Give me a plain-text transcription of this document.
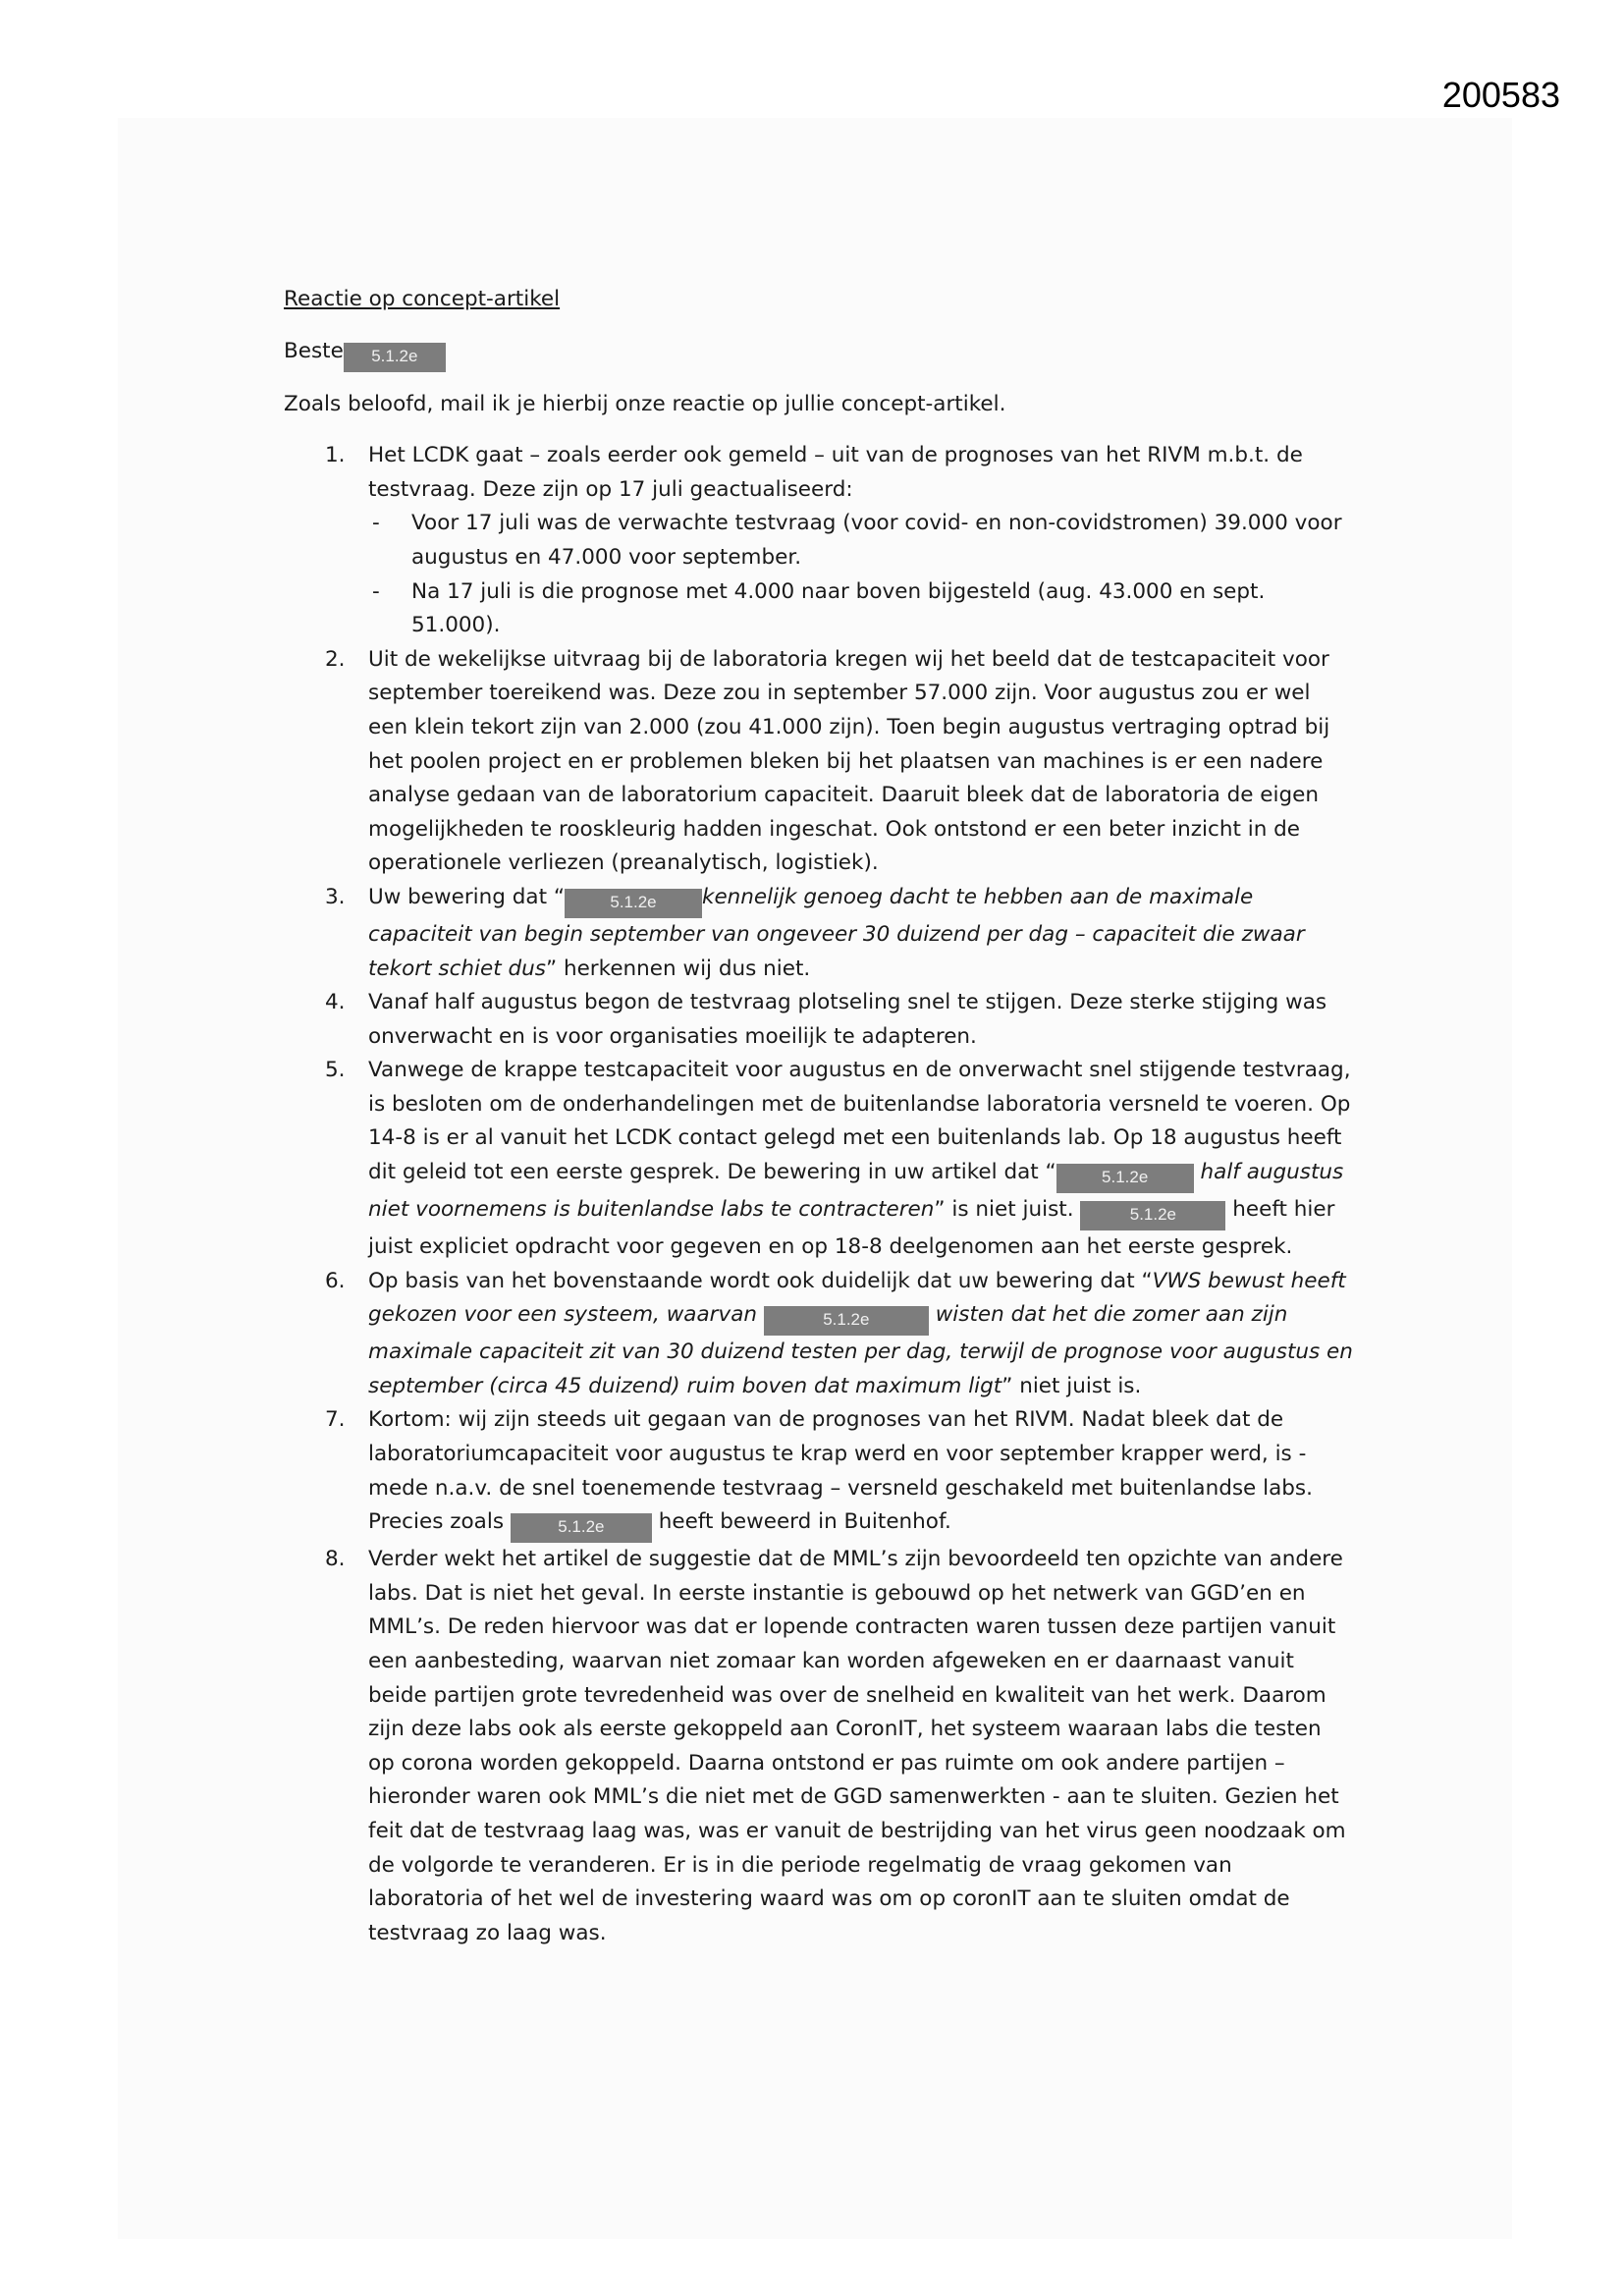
200583

Reactie op concept-artikel

Beste 5.1.2e

Zoals beloofd, mail ik je hierbij onze reactie op jullie concept-artikel.

1. Het LCDK gaat – zoals eerder ook gemeld – uit van de prognoses van het RIVM m.b.t. de testvraag. Deze zijn op 17 juli geactualiseerd:
- Voor 17 juli was de verwachte testvraag (voor covid- en non-covidstromen) 39.000 voor augustus en 47.000 voor september.
- Na 17 juli is die prognose met 4.000 naar boven bijgesteld (aug. 43.000 en sept. 51.000).
2. Uit de wekelijkse uitvraag bij de laboratoria kregen wij het beeld dat de testcapaciteit voor september toereikend was. Deze zou in september 57.000 zijn. Voor augustus zou er wel een klein tekort zijn van 2.000 (zou 41.000 zijn). Toen begin augustus vertraging optrad bij het poolen project en er problemen bleken bij het plaatsen van machines is er een nadere analyse gedaan van de laboratorium capaciteit. Daaruit bleek dat de laboratoria de eigen mogelijkheden te rooskleurig hadden ingeschat. Ook ontstond er een beter inzicht in de operationele verliezen (preanalytisch, logistiek).
3. Uw bewering dat “	5.1.2e kennelijk genoeg dacht te hebben aan de maximale capaciteit van begin september van ongeveer 30 duizend per dag – capaciteit die zwaar tekort schiet dus” herkennen wij dus niet.
4. Vanaf half augustus begon de testvraag plotseling snel te stijgen. Deze sterke stijging was onverwacht en is voor organisaties moeilijk te adapteren.
5. Vanwege de krappe testcapaciteit voor augustus en de onverwacht snel stijgende testvraag, is besloten om de onderhandelingen met de buitenlandse laboratoria versneld te voeren. Op 14-8 is er al vanuit het LCDK contact gelegd met een buitenlands lab. Op 18 augustus heeft dit geleid tot een eerste gesprek. De bewering in uw artikel dat “	5.1.2e half augustus niet voornemens is buitenlandse labs te contracteren” is niet juist.	5.1.2e	heeft hier juist expliciet opdracht voor gegeven en op 18-8 deelgenomen aan het eerste gesprek.
6. Op basis van het bovenstaande wordt ook duidelijk dat uw bewering dat “VWS bewust heeft gekozen voor een systeem, waarvan	5.1.2e	wisten dat het die zomer aan zijn maximale capaciteit zit van 30 duizend testen per dag, terwijl de prognose voor augustus en september (circa 45 duizend) ruim boven dat maximum ligt” niet juist is.
7. Kortom: wij zijn steeds uit gegaan van de prognoses van het RIVM. Nadat bleek dat de laboratoriumcapaciteit voor augustus te krap werd en voor september krapper werd, is - mede n.a.v. de snel toenemende testvraag – versneld geschakeld met buitenlandse labs. Precies zoals	5.1.2e	heeft beweerd in Buitenhof.
8. Verder wekt het artikel de suggestie dat de MML’s zijn bevoordeeld ten opzichte van andere labs. Dat is niet het geval. In eerste instantie is gebouwd op het netwerk van GGD’en en MML’s. De reden hiervoor was dat er lopende contracten waren tussen deze partijen vanuit een aanbesteding, waarvan niet zomaar kan worden afgeweken en er daarnaast vanuit beide partijen grote tevredenheid was over de snelheid en kwaliteit van het werk. Daarom zijn deze labs ook als eerste gekoppeld aan CoronIT, het systeem waaraan labs die testen op corona worden gekoppeld. Daarna ontstond er pas ruimte om ook andere partijen – hieronder waren ook MML’s die niet met de GGD samenwerkten - aan te sluiten. Gezien het feit dat de testvraag laag was, was er vanuit de bestrijding van het virus geen noodzaak om de volgorde te veranderen. Er is in die periode regelmatig de vraag gekomen van laboratoria of het wel de investering waard was om op coronIT aan te sluiten omdat de testvraag zo laag was.
